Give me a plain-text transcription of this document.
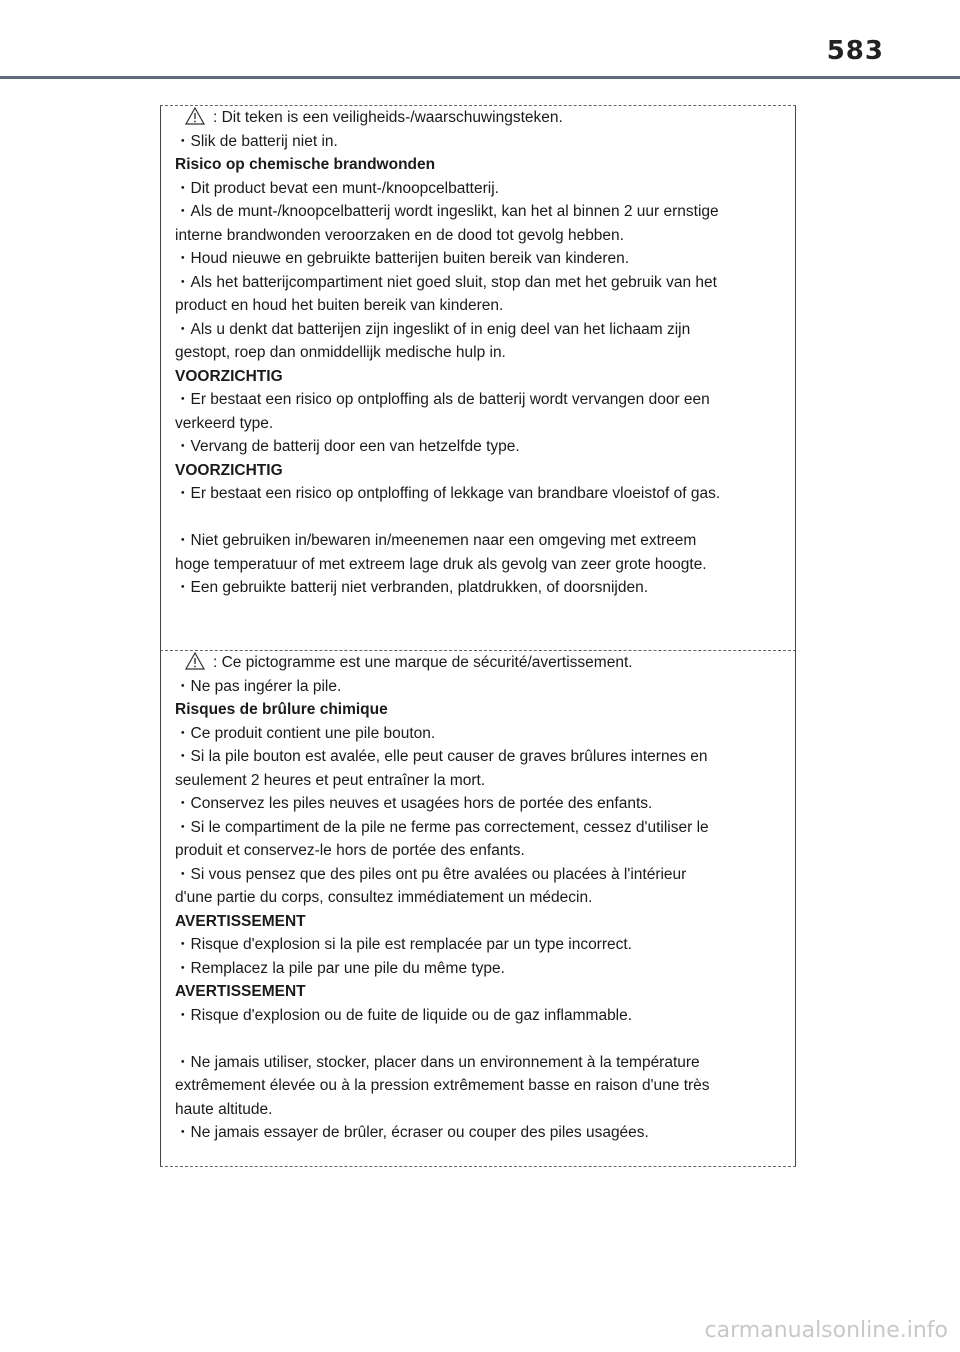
583
: Dit teken is een veiligheids-/waarschuwingsteken.
・Slik de batterij niet in.
Risico op chemische brandwonden
・Dit product bevat een munt-/knoopcelbatterij.
・Als de munt-/knoopcelbatterij wordt ingeslikt, kan het al binnen 2 uur ernstige
interne brandwonden veroorzaken en de dood tot gevolg hebben.
・Houd nieuwe en gebruikte batterijen buiten bereik van kinderen.
・Als het batterijcompartiment niet goed sluit, stop dan met het gebruik van het
product en houd het buiten bereik van kinderen.
・Als u denkt dat batterijen zijn ingeslikt of in enig deel van het lichaam zijn
gestopt, roep dan onmiddellijk medische hulp in.
VOORZICHTIG
・Er bestaat een risico op ontploffing als de batterij wordt vervangen door een
verkeerd type.
・Vervang de batterij door een van hetzelfde type.
VOORZICHTIG
・Er bestaat een risico op ontploffing of lekkage van brandbare vloeistof of gas.
・Niet gebruiken in/bewaren in/meenemen naar een omgeving met extreem
hoge temperatuur of met extreem lage druk als gevolg van zeer grote hoogte.
・Een gebruikte batterij niet verbranden, platdrukken, of doorsnijden.
: Ce pictogramme est une marque de sécurité/avertissement.
・Ne pas ingérer la pile.
Risques de brûlure chimique
・Ce produit contient une pile bouton.
・Si la pile bouton est avalée, elle peut causer de graves brûlures internes en
seulement 2 heures et peut entraîner la mort.
・Conservez les piles neuves et usagées hors de portée des enfants.
・Si le compartiment de la pile ne ferme pas correctement, cessez d'utiliser le
produit et conservez-le hors de portée des enfants.
・Si vous pensez que des piles ont pu être avalées ou placées à l'intérieur
d'une partie du corps, consultez immédiatement un médecin.
AVERTISSEMENT
・Risque d'explosion si la pile est remplacée par un type incorrect.
・Remplacez la pile par une pile du même type.
AVERTISSEMENT
・Risque d'explosion ou de fuite de liquide ou de gaz inflammable.
・Ne jamais utiliser, stocker, placer dans un environnement à la température
extrêmement élevée ou à la pression extrêmement basse en raison d'une très
haute altitude.
・Ne jamais essayer de brûler, écraser ou couper des piles usagées.
carmanualsonline.info
